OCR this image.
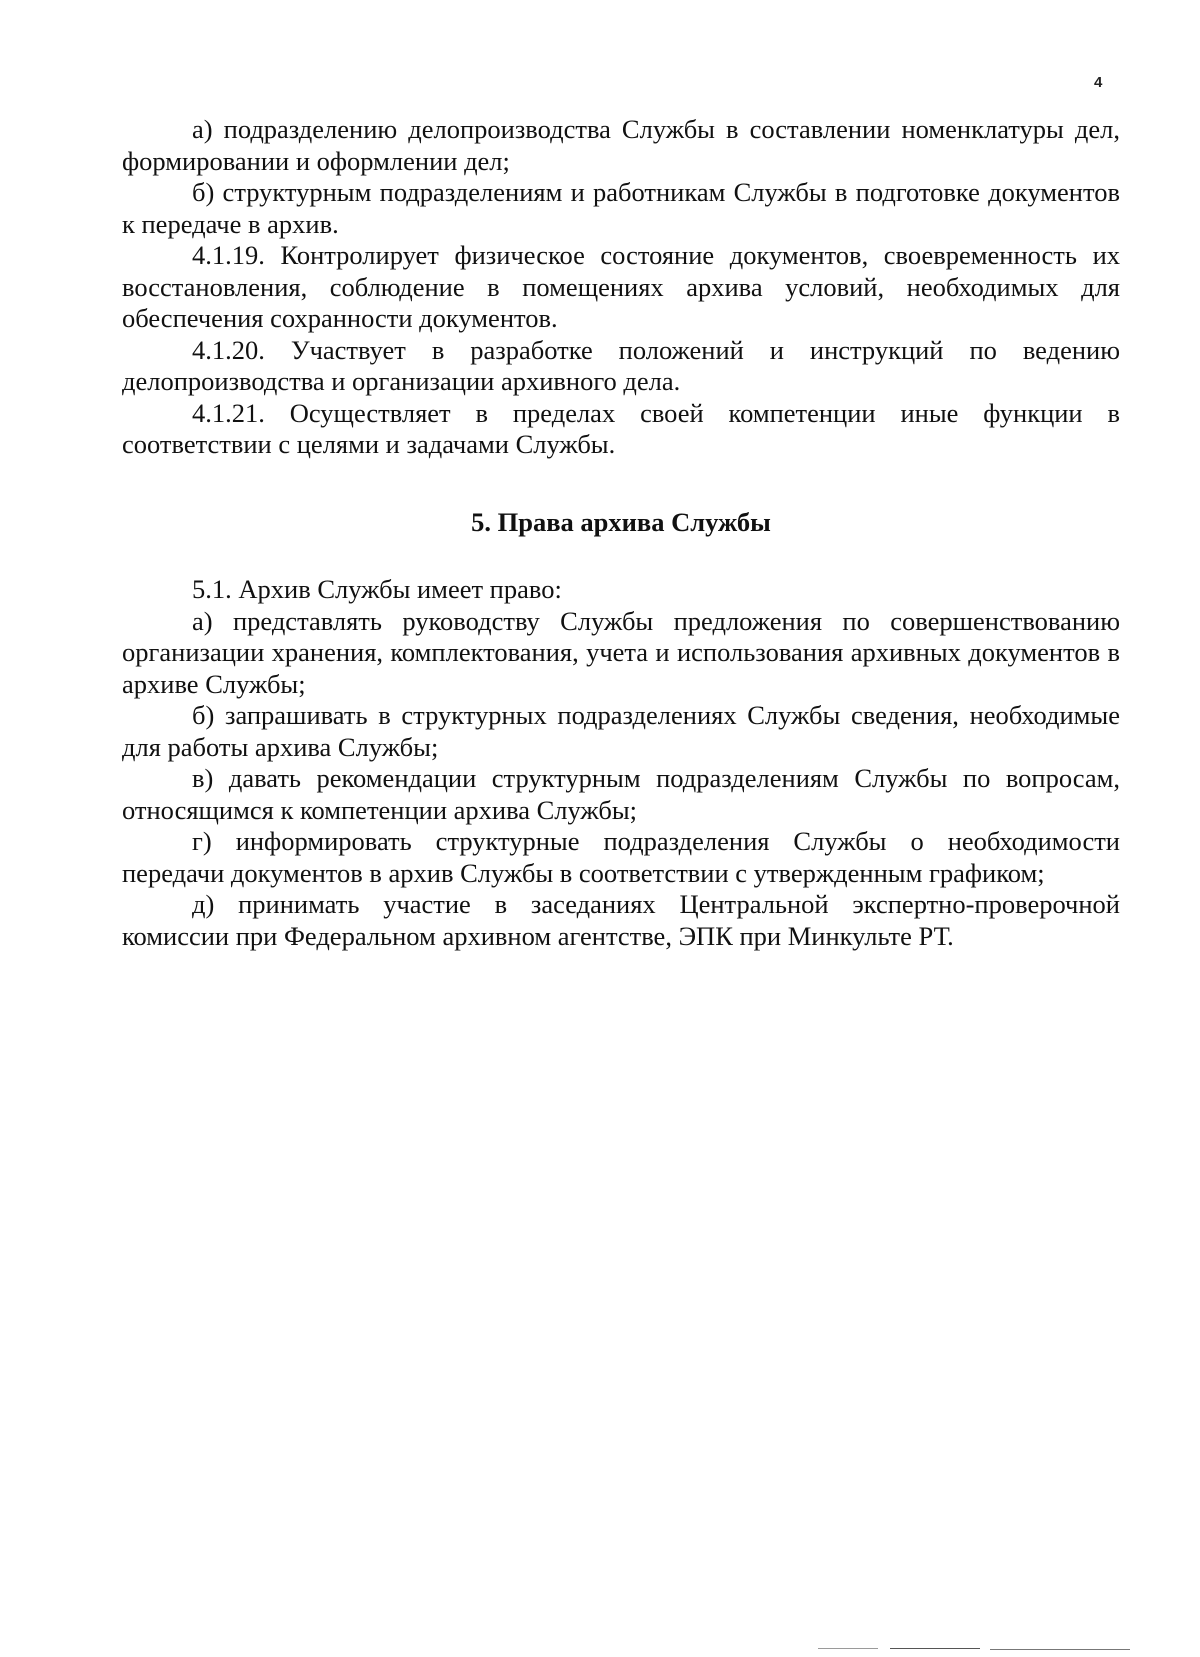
4

а) подразделению делопроизводства Службы в составлении номенклатуры дел, формировании и оформлении дел;

б) структурным подразделениям и работникам Службы в подготовке документов к передаче в архив.

4.1.19. Контролирует физическое состояние документов, своевременность их восстановления, соблюдение в помещениях архива условий, необходимых для обеспечения сохранности документов.

4.1.20. Участвует в разработке положений и инструкций по ведению делопроизводства и организации архивного дела.

4.1.21. Осуществляет в пределах своей компетенции иные функции в соответствии с целями и задачами Службы.

5. Права архива Службы

5.1. Архив Службы имеет право:

а) представлять руководству Службы предложения по совершенствованию организации хранения, комплектования, учета и использования архивных документов в архиве Службы;

б) запрашивать в структурных подразделениях Службы сведения, необходимые для работы архива Службы;

в) давать рекомендации структурным подразделениям Службы по вопросам, относящимся к компетенции архива Службы;

г) информировать структурные подразделения Службы о необходимости передачи документов в архив Службы в соответствии с утвержденным графиком;

д) принимать участие в заседаниях Центральной экспертно-проверочной комиссии при Федеральном архивном агентстве, ЭПК при Минкульте РТ.
